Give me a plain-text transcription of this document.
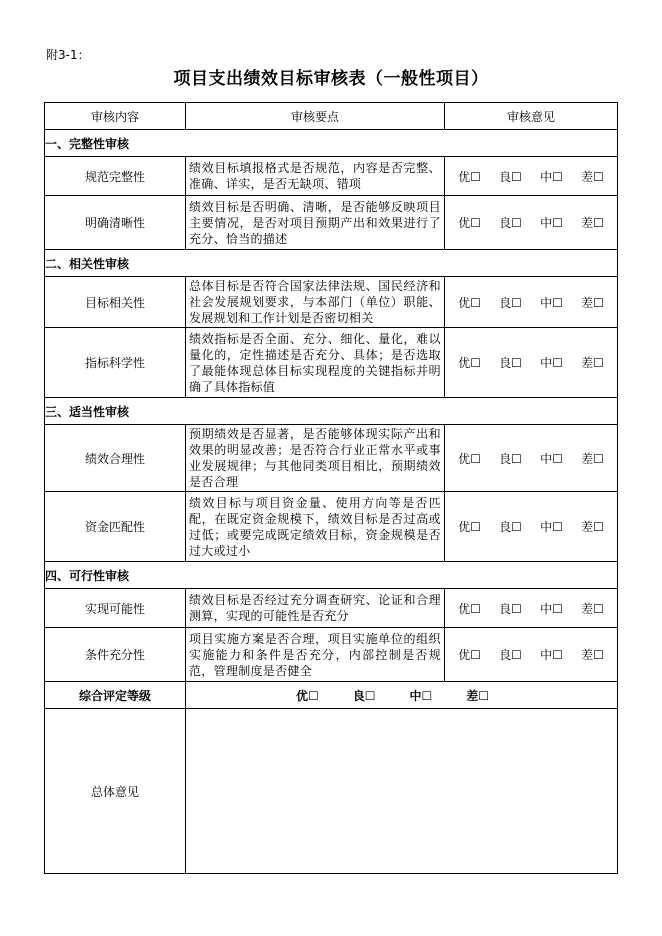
附3-1：
项目支出绩效目标审核表（一般性项目）
审核内容	审核要点	审核意见
一、完整性审核		
规范完整性	绩效目标填报格式是否规范，内容是否完整、准确、详实，是否无缺项、错项	优☐ 良☐ 中☐ 差☐

明确清晰性	绩效目标是否明确、清晰，是否能够反映项目主要情况，是否对项目预期产出和效果进行了充分、恰当的描述	优☐ 良☐ 中☐ 差☐

二、相关性审核		
目标相关性	总体目标是否符合国家法律法规、国民经济和社会发展规划要求，与本部门（单位）职能、发展规划和工作计划是否密切相关	优☐ 良☐ 中☐ 差☐

指标科学性	绩效指标是否全面、充分、细化、量化，难以量化的，定性描述是否充分、具体；是否选取了最能体现总体目标实现程度的关键指标并明确了具体指标值	优☐ 良☐ 中☐ 差☐

三、适当性审核		
绩效合理性	预期绩效是否显著，是否能够体现实际产出和效果的明显改善；是否符合行业正常水平或事业发展规律；与其他同类项目相比，预期绩效是否合理	优☐ 良☐ 中☐ 差☐

资金匹配性	绩效目标与项目资金量、使用方向等是否匹配，在既定资金规模下，绩效目标是否过高或过低；或要完成既定绩效目标，资金规模是否过大或过小	优☐ 良☐ 中☐ 差☐

四、可行性审核		
实现可能性	绩效目标是否经过充分调查研究、论证和合理测算，实现的可能性是否充分	优☐ 良☐ 中☐ 差☐

条件充分性	项目实施方案是否合理，项目实施单位的组织实施能力和条件是否充分，内部控制是否规范，管理制度是否健全	优☐ 良☐ 中☐ 差☐

综合评定等级	优☐ 良☐ 中☐ 差☐	

总体意见		
